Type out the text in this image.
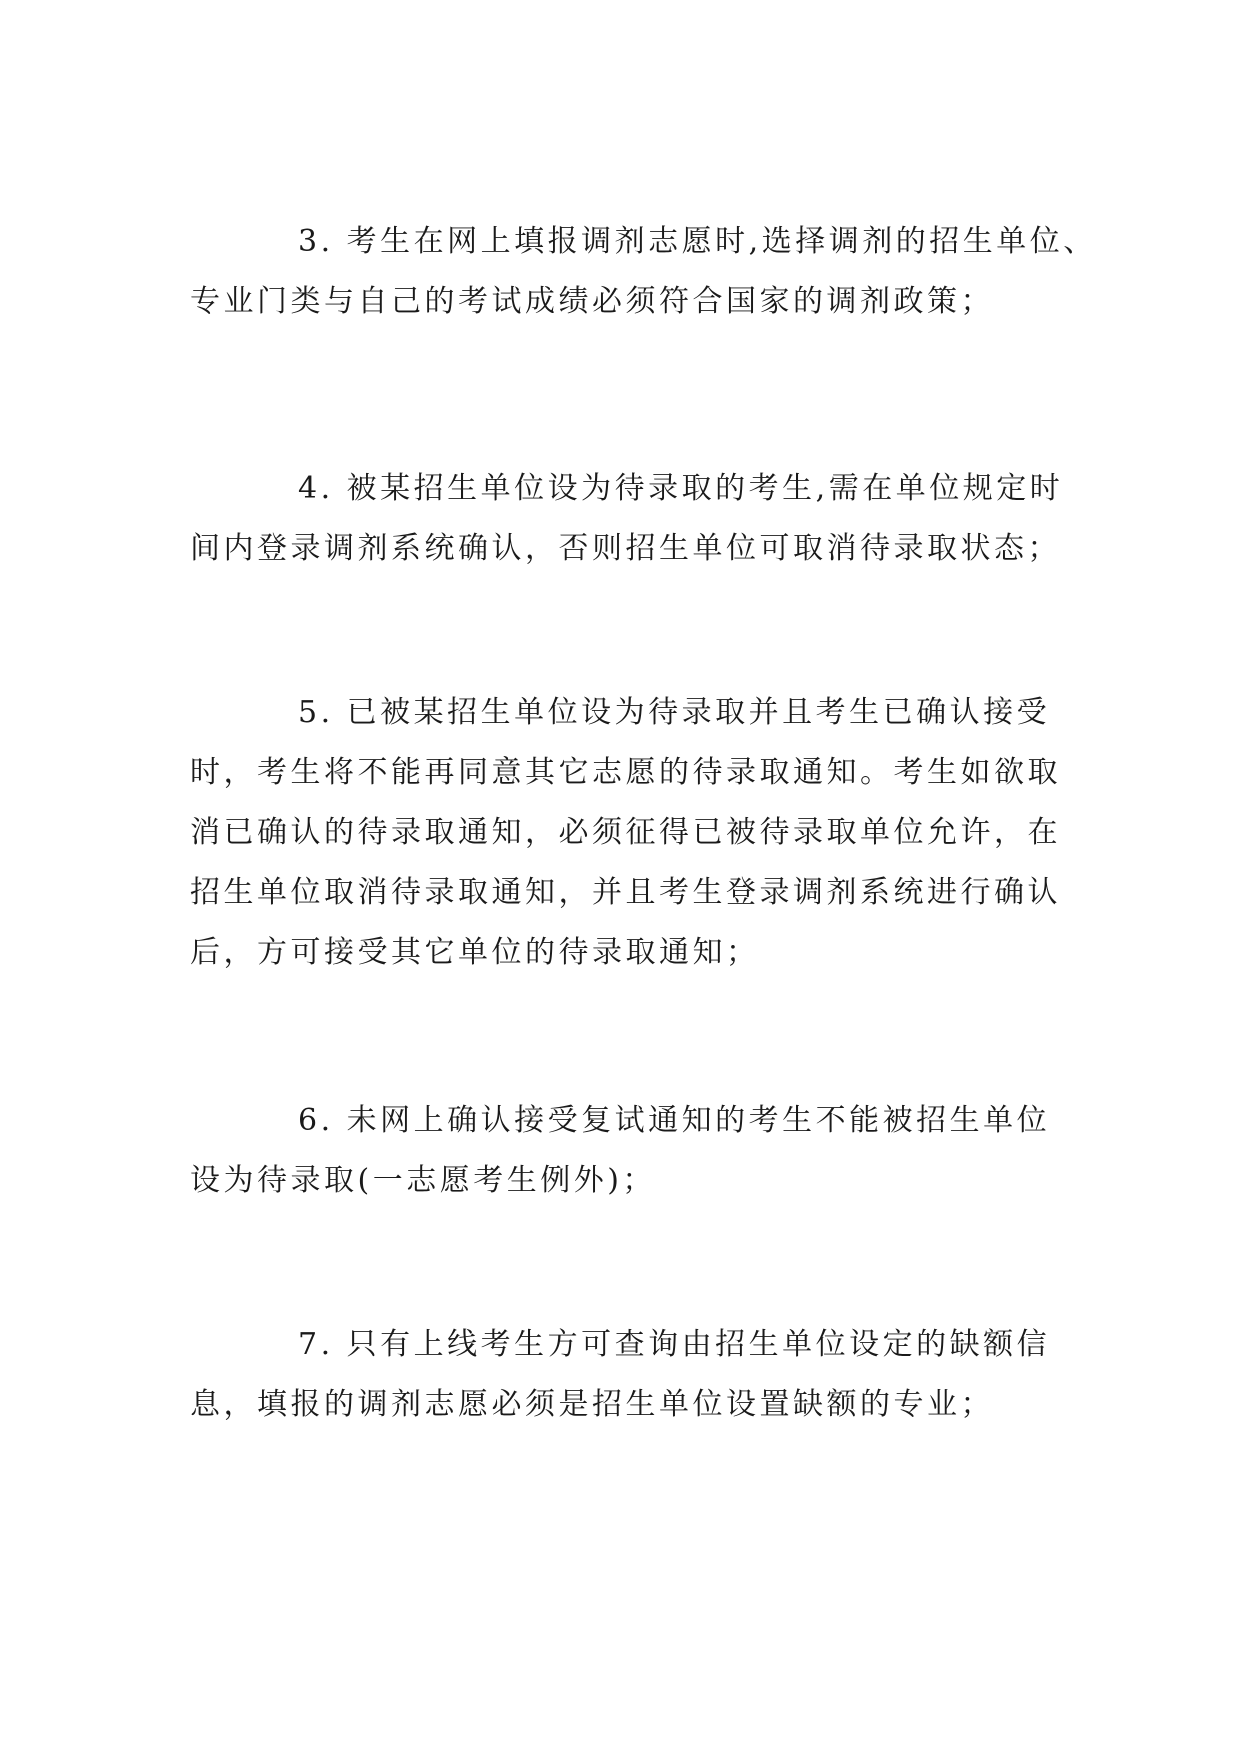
3. 考生在网上填报调剂志愿时,选择调剂的招生单位、
专业门类与自己的考试成绩必须符合国家的调剂政策；

4. 被某招生单位设为待录取的考生,需在单位规定时
间内登录调剂系统确认，否则招生单位可取消待录取状态；

5. 已被某招生单位设为待录取并且考生已确认接受
时，考生将不能再同意其它志愿的待录取通知。考生如欲取
消已确认的待录取通知，必须征得已被待录取单位允许，在
招生单位取消待录取通知，并且考生登录调剂系统进行确认
后，方可接受其它单位的待录取通知；

6. 未网上确认接受复试通知的考生不能被招生单位
设为待录取(一志愿考生例外)；

7. 只有上线考生方可查询由招生单位设定的缺额信
息，填报的调剂志愿必须是招生单位设置缺额的专业；
